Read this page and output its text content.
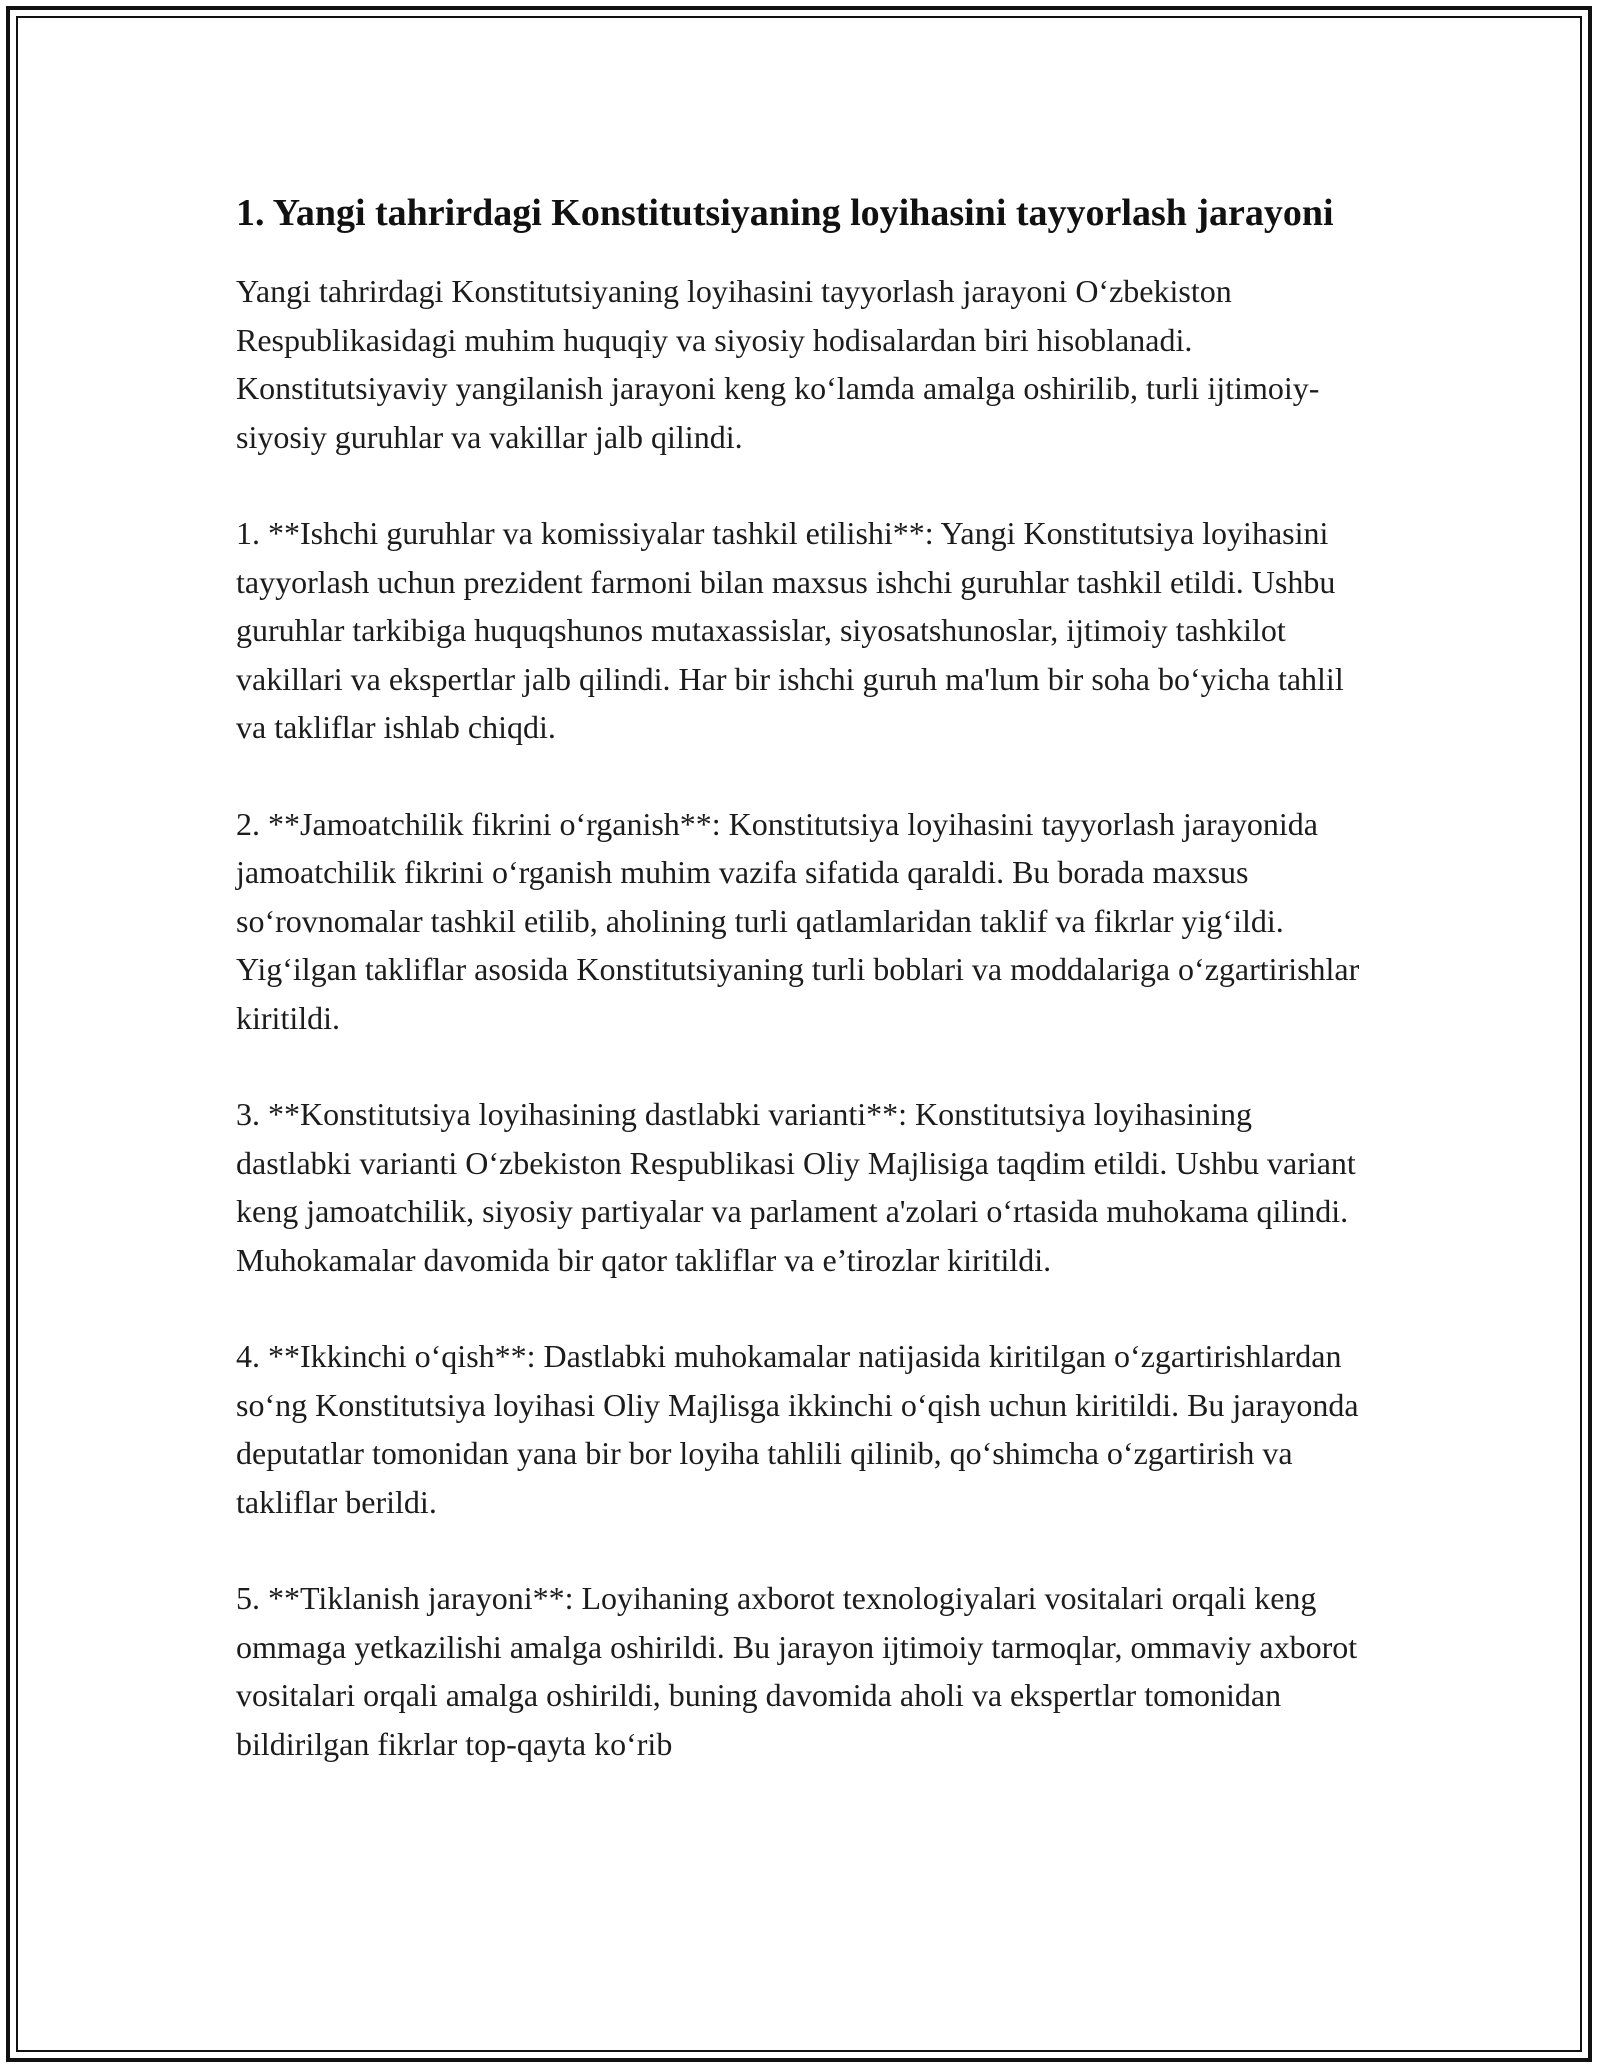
1. Yangi tahrirdagi Konstitutsiyaning loyihasini tayyorlash jarayoni

Yangi tahrirdagi Konstitutsiyaning loyihasini tayyorlash jarayoni O‘zbekiston Respublikasidagi muhim huquqiy va siyosiy hodisalardan biri hisoblanadi. Konstitutsiyaviy yangilanish jarayoni keng ko‘lamda amalga oshirilib, turli ijtimoiy-siyosiy guruhlar va vakillar jalb qilindi.

1. **Ishchi guruhlar va komissiyalar tashkil etilishi**: Yangi Konstitutsiya loyihasini tayyorlash uchun prezident farmoni bilan maxsus ishchi guruhlar tashkil etildi. Ushbu guruhlar tarkibiga huquqshunos mutaxassislar, siyosatshunoslar, ijtimoiy tashkilot vakillari va ekspertlar jalb qilindi. Har bir ishchi guruh ma'lum bir soha bo‘yicha tahlil va takliflar ishlab chiqdi.

2. **Jamoatchilik fikrini o‘rganish**: Konstitutsiya loyihasini tayyorlash jarayonida jamoatchilik fikrini o‘rganish muhim vazifa sifatida qaraldi. Bu borada maxsus so‘rovnomalar tashkil etilib, aholining turli qatlamlaridan taklif va fikrlar yig‘ildi. Yig‘ilgan takliflar asosida Konstitutsiyaning turli boblari va moddalariga o‘zgartirishlar kiritildi.

3. **Konstitutsiya loyihasining dastlabki varianti**: Konstitutsiya loyihasining dastlabki varianti O‘zbekiston Respublikasi Oliy Majlisiga taqdim etildi. Ushbu variant keng jamoatchilik, siyosiy partiyalar va parlament a'zolari o‘rtasida muhokama qilindi. Muhokamalar davomida bir qator takliflar va e’tirozlar kiritildi.

4. **Ikkinchi o‘qish**: Dastlabki muhokamalar natijasida kiritilgan o‘zgartirishlardan so‘ng Konstitutsiya loyihasi Oliy Majlisga ikkinchi o‘qish uchun kiritildi. Bu jarayonda deputatlar tomonidan yana bir bor loyiha tahlili qilinib, qo‘shimcha o‘zgartirish va takliflar berildi.

5. **Tiklanish jarayoni**: Loyihaning axborot texnologiyalari vositalari orqali keng ommaga yetkazilishi amalga oshirildi. Bu jarayon ijtimoiy tarmoqlar, ommaviy axborot vositalari orqali amalga oshirildi, buning davomida aholi va ekspertlar tomonidan bildirilgan fikrlar top-qayta ko‘rib
